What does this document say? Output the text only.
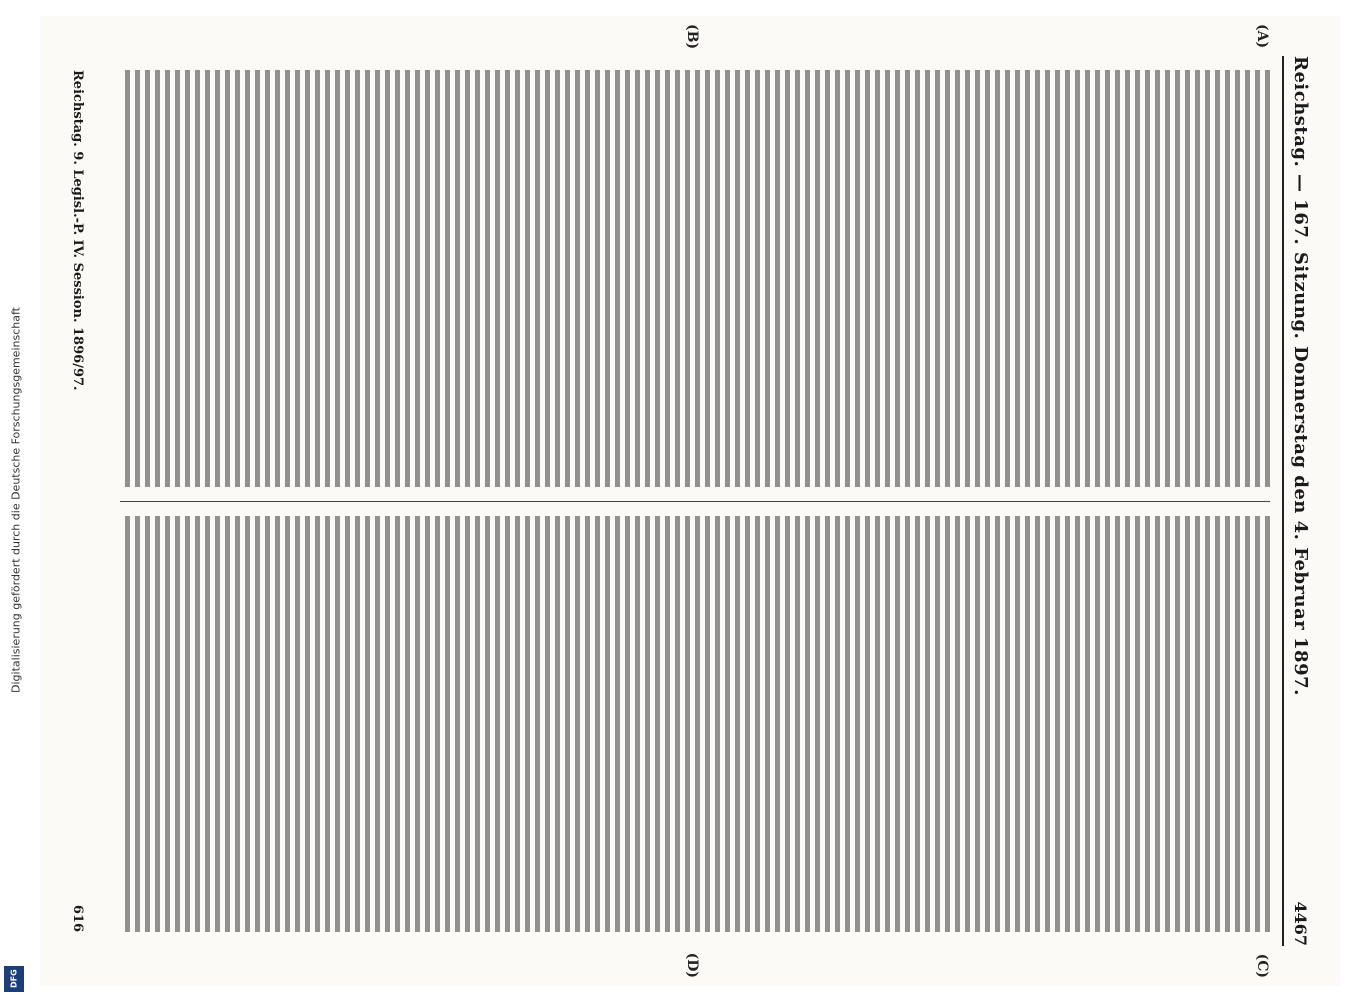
Digitalisierung gefördert durch die Deutsche Forschungsgemeinschaft
DFG
Reichstag. — 167. Sitzung. Donnerstag den 4. Februar 1897.
4467
(A)
(B)
(C)
(D)
Reichstag. 9. Legisl.-P. IV. Session. 1896/97.
616
